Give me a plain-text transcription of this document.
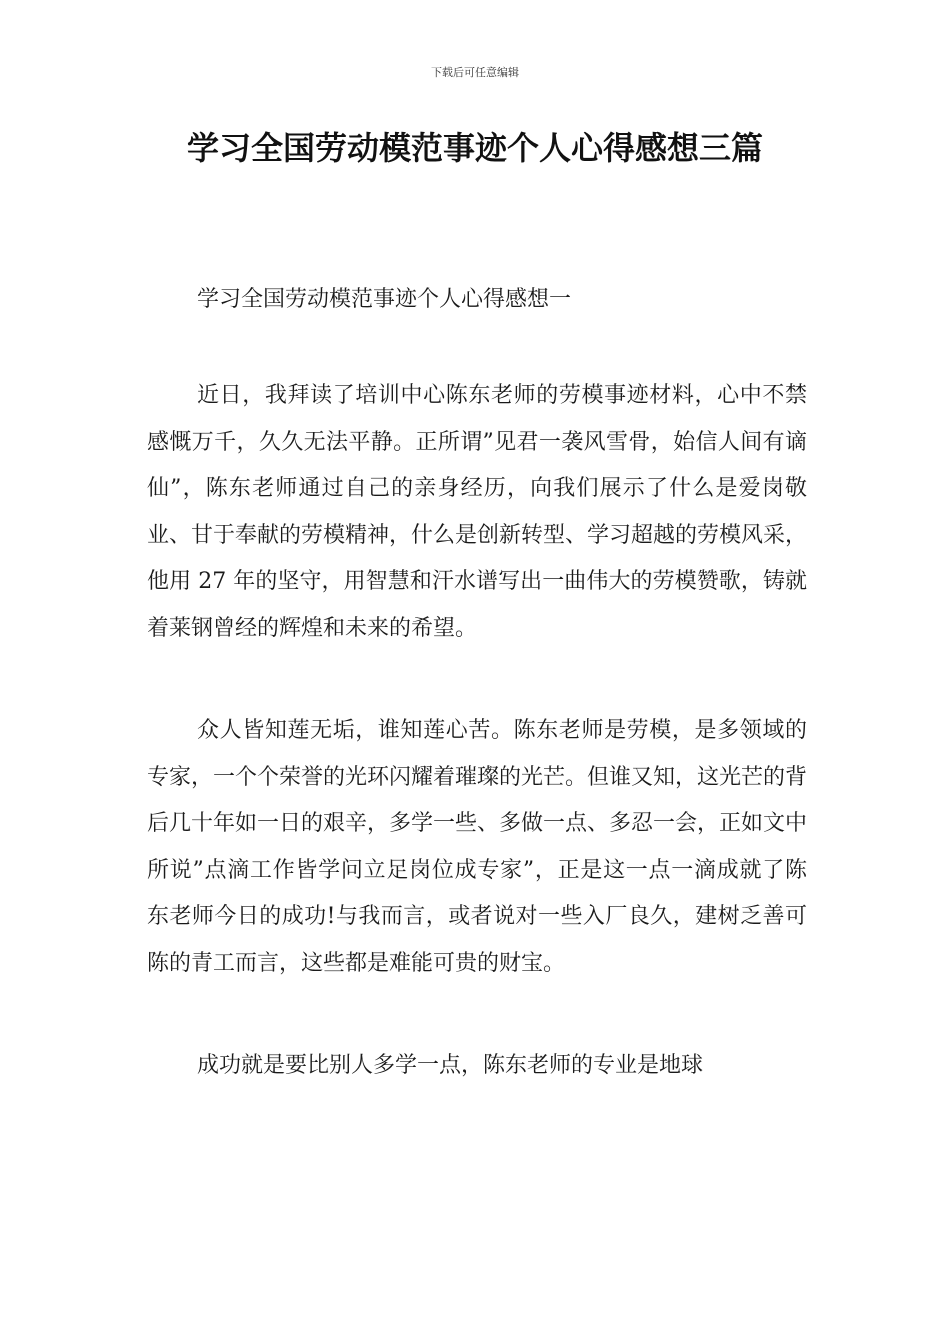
下载后可任意编辑
学习全国劳动模范事迹个人心得感想三篇

学习全国劳动模范事迹个人心得感想一

近日，我拜读了培训中心陈东老师的劳模事迹材料，心中不禁感慨万千，久久无法平静。正所谓”见君一袭风雪骨，始信人间有谪仙”，陈东老师通过自己的亲身经历，向我们展示了什么是爱岗敬业、甘于奉献的劳模精神，什么是创新转型、学习超越的劳模风采，他用 27 年的坚守，用智慧和汗水谱写出一曲伟大的劳模赞歌，铸就着莱钢曾经的辉煌和未来的希望。

众人皆知莲无垢，谁知莲心苦。陈东老师是劳模，是多领域的专家，一个个荣誉的光环闪耀着璀璨的光芒。但谁又知，这光芒的背后几十年如一日的艰辛，多学一些、多做一点、多忍一会，正如文中所说”点滴工作皆学问立足岗位成专家”，正是这一点一滴成就了陈东老师今日的成功!与我而言，或者说对一些入厂良久，建树乏善可陈的青工而言，这些都是难能可贵的财宝。

成功就是要比别人多学一点，陈东老师的专业是地球
